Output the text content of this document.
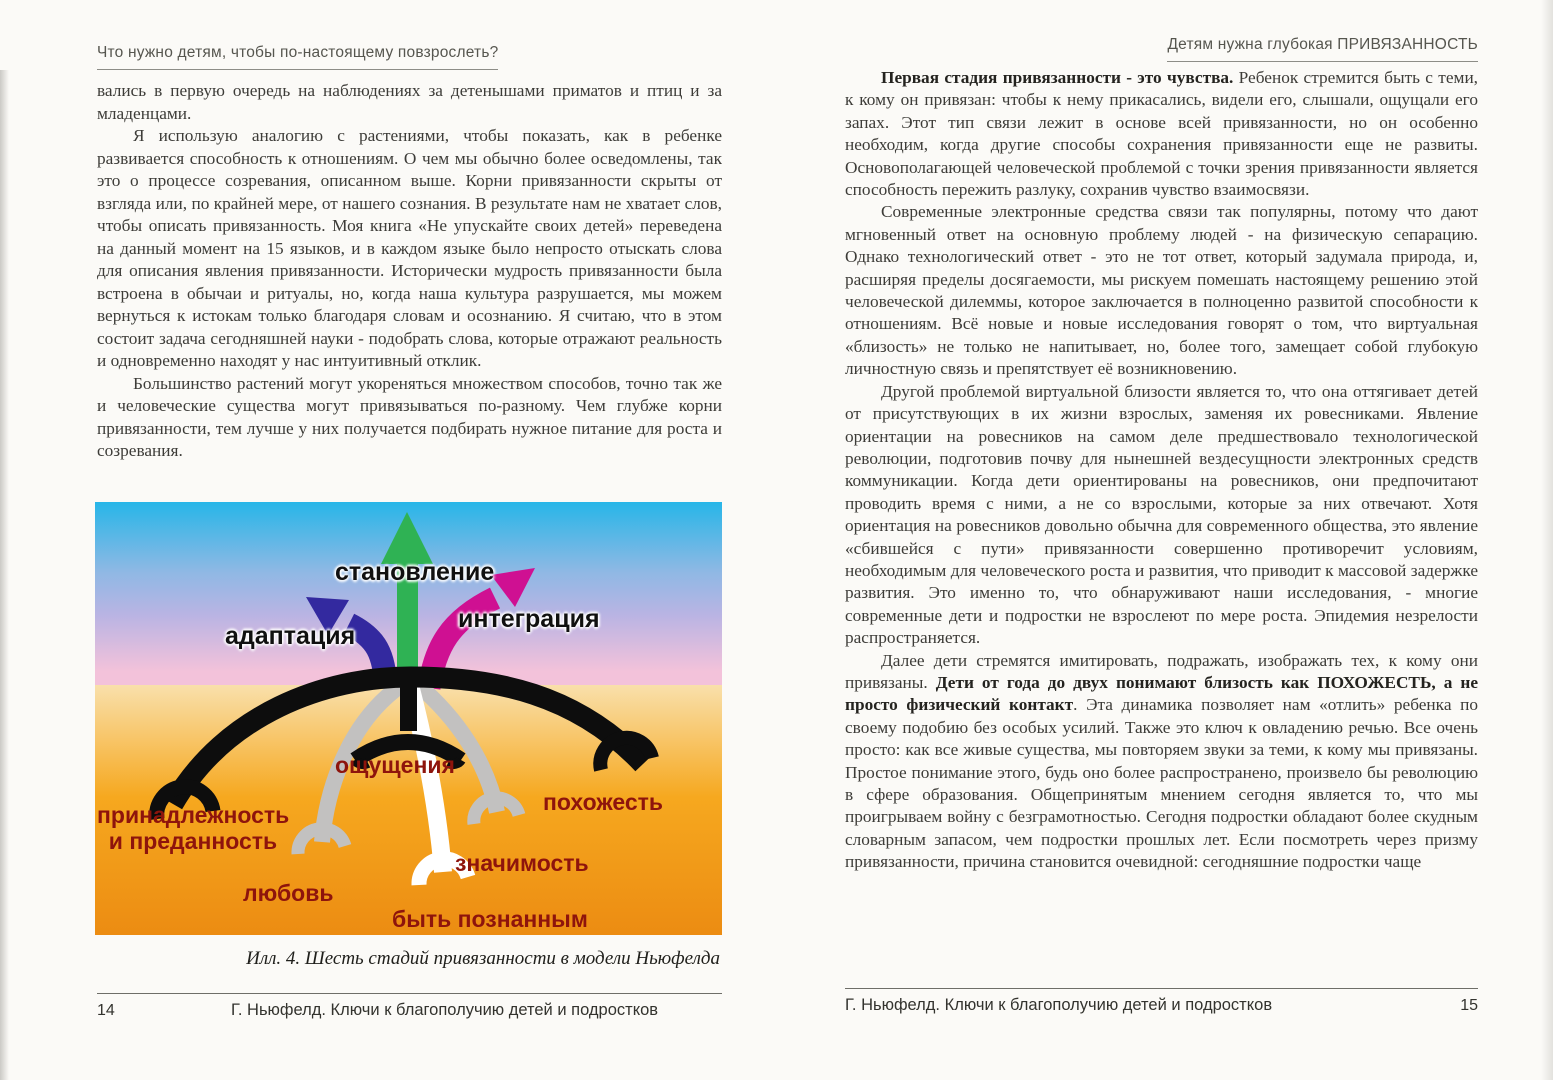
Что нужно детям, чтобы по-настоящему повзрослеть?

вались в первую очередь на наблюдениях за детенышами приматов и птиц и за младенцами.

Я использую аналогию с растениями, чтобы показать, как в ребенке развивается способность к отношениям. О чем мы обычно более осведомлены, так это о процессе созревания, описанном выше. Корни привязанности скрыты от взгляда или, по крайней мере, от нашего сознания. В результате нам не хватает слов, чтобы описать привязанность. Моя книга «Не упускайте своих детей» переведена на данный момент на 15 языков, и в каждом языке было непросто отыскать слова для описания явления привязанности. Исторически мудрость привязанности была встроена в обычаи и ритуалы, но, когда наша культура разрушается, мы можем вернуться к истокам только благодаря словам и осознанию. Я считаю, что в этом состоит задача сегодняшней науки - подобрать слова, которые отражают реальность и одновременно находят у нас интуитивный отклик.

Большинство растений могут укореняться множеством способов, точно так же и человеческие существа могут привязываться по-разному. Чем глубже корни привязанности, тем лучше у них получается подбирать нужное питание для роста и созревания.

становление
адаптация
интеграция
ощущения
похожесть
принадлежность и преданность
любовь
значимость
быть познанным
Илл. 4. Шесть стадий привязанности в модели Ньюфелда
14	Г. Ньюфелд. Ключи к благополучию детей и подростков
Детям нужна глубокая ПРИВЯЗАННОСТЬ

Первая стадия привязанности - это чувства. Ребенок стремится быть с теми, к кому он привязан: чтобы к нему прикасались, видели его, слышали, ощущали его запах. Этот тип связи лежит в основе всей привязанности, но он особенно необходим, когда другие способы сохранения привязанности еще не развиты. Основополагающей человеческой проблемой с точки зрения привязанности является способность пережить разлуку, сохранив чувство взаимосвязи.

Современные электронные средства связи так популярны, потому что дают мгновенный ответ на основную проблему людей - на физическую сепарацию. Однако технологический ответ - это не тот ответ, который задумала природа, и, расширяя пределы досягаемости, мы рискуем помешать настоящему решению этой человеческой дилеммы, которое заключается в полноценно развитой способности к отношениям. Всё новые и новые исследования говорят о том, что виртуальная «близость» не только не напитывает, но, более того, замещает собой глубокую личностную связь и препятствует её возникновению.

Другой проблемой виртуальной близости является то, что она оттягивает детей от присутствующих в их жизни взрослых, заменяя их ровесниками. Явление ориентации на ровесников на самом деле предшествовало технологической революции, подготовив почву для нынешней вездесущности электронных средств коммуникации. Когда дети ориентированы на ровесников, они предпочитают проводить время с ними, а не со взрослыми, которые за них отвечают. Хотя ориентация на ровесников довольно обычна для современного общества, это явление «сбившейся с пути» привязанности совершенно противоречит условиям, необходимым для человеческого роста и развития, что приводит к массовой задержке развития. Это именно то, что обнаруживают наши исследования, - многие современные дети и подростки не взрослеют по мере роста. Эпидемия незрелости распространяется.

Далее дети стремятся имитировать, подражать, изображать тех, к кому они привязаны. Дети от года до двух понимают близость как ПОХОЖЕСТЬ, а не просто физический контакт. Эта динамика позволяет нам «отлить» ребенка по своему подобию без особых усилий. Также это ключ к овладению речью. Все очень просто: как все живые существа, мы повторяем звуки за теми, к кому мы привязаны. Простое понимание этого, будь оно более распространено, произвело бы революцию в сфере образования. Общепринятым мнением сегодня является то, что мы проигрываем войну с безграмотностью. Сегодня подростки обладают более скудным словарным запасом, чем подростки прошлых лет. Если посмотреть через призму привязанности, причина становится очевидной: сегодняшние подростки чаще

Г. Ньюфелд. Ключи к благополучию детей и подростков	15
